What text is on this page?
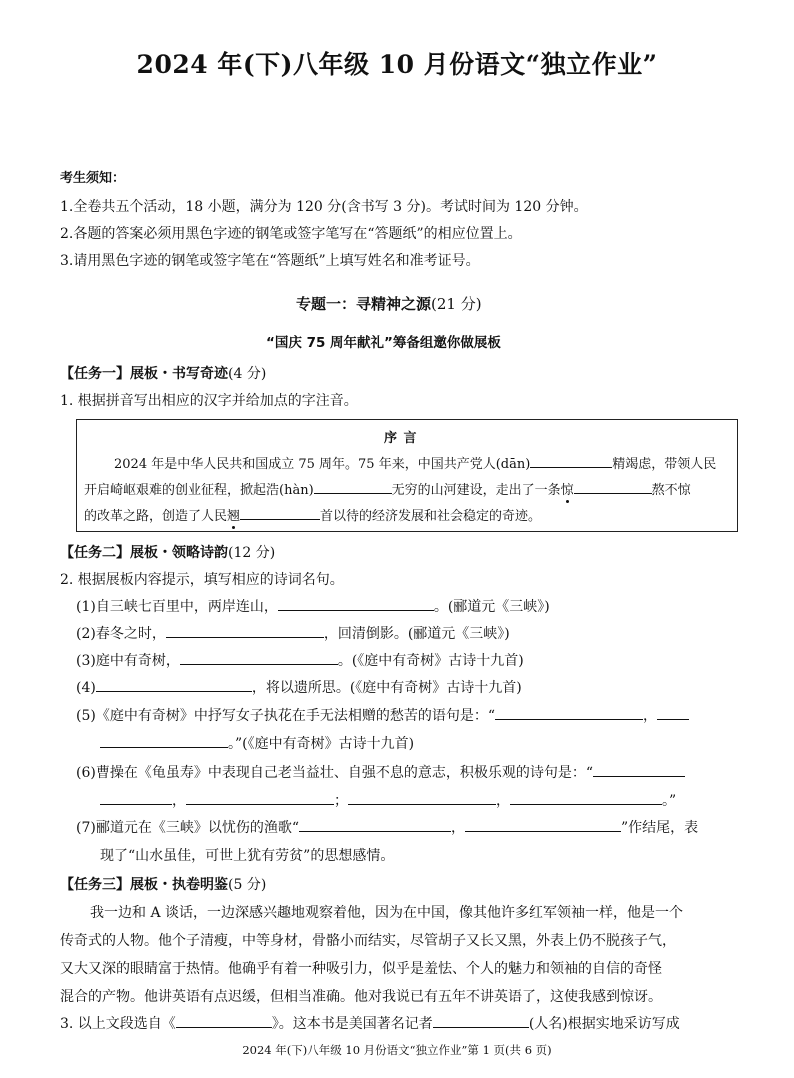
2024 年(下)八年级 10 月份语文“独立作业”
考生须知：
1.全卷共五个活动，18 小题，满分为 120 分(含书写 3 分)。考试时间为 120 分钟。
2.各题的答案必须用黑色字迹的钢笔或签字笔写在“答题纸”的相应位置上。
3.请用黑色字迹的钢笔或签字笔在“答题纸”上填写姓名和准考证号。
专题一：寻精神之源(21 分)
“国庆 75 周年献礼”筹备组邀你做展板
【任务一】展板・书写奇迹(4 分)
1. 根据拼音写出相应的汉字并给加点的字注音。
序 言
2024 年是中华人民共和国成立 75 周年。75 年来，中国共产党人(dān)	精竭虑，带领人民
开启崎岖艰难的创业征程，掀起浩(hàn)	无穷的山河建设，走出了一条惊	熬不惊
的改革之路，创造了人民翘	首以待的经济发展和社会稳定的奇迹。
【任务二】展板・领略诗韵(12 分)
2. 根据展板内容提示，填写相应的诗词名句。
(1)自三峡七百里中，两岸连山，	。(郦道元《三峡》)
(2)春冬之时，	，回清倒影。(郦道元《三峡》)
(3)庭中有奇树，	。(《庭中有奇树》古诗十九首)
(4)	，将以遗所思。(《庭中有奇树》古诗十九首)
(5)《庭中有奇树》中抒写女子执花在手无法相赠的愁苦的语句是：“	，
。”(《庭中有奇树》古诗十九首)
(6)曹操在《龟虽寿》中表现自己老当益壮、自强不息的意志，积极乐观的诗句是：“
，	；	，	。”
(7)郦道元在《三峡》以忧伤的渔歌“	，	”作结尾，表
现了“山水虽佳，可世上犹有劳贫”的思想感情。
【任务三】展板・执卷明鉴(5 分)
我一边和 A 谈话，一边深感兴趣地观察着他，因为在中国，像其他许多红军领袖一样，他是一个
传奇式的人物。他个子清瘦，中等身材，骨骼小而结实，尽管胡子又长又黑，外表上仍不脱孩子气，
又大又深的眼睛富于热情。他确乎有着一种吸引力，似乎是羞怯、个人的魅力和领袖的自信的奇怪
混合的产物。他讲英语有点迟缓，但相当准确。他对我说已有五年不讲英语了，这使我感到惊讶。
3. 以上文段选自《	》。这本书是美国著名记者	(人名)根据实地采访写成
2024 年(下)八年级 10 月份语文“独立作业”第 1 页(共 6 页)
